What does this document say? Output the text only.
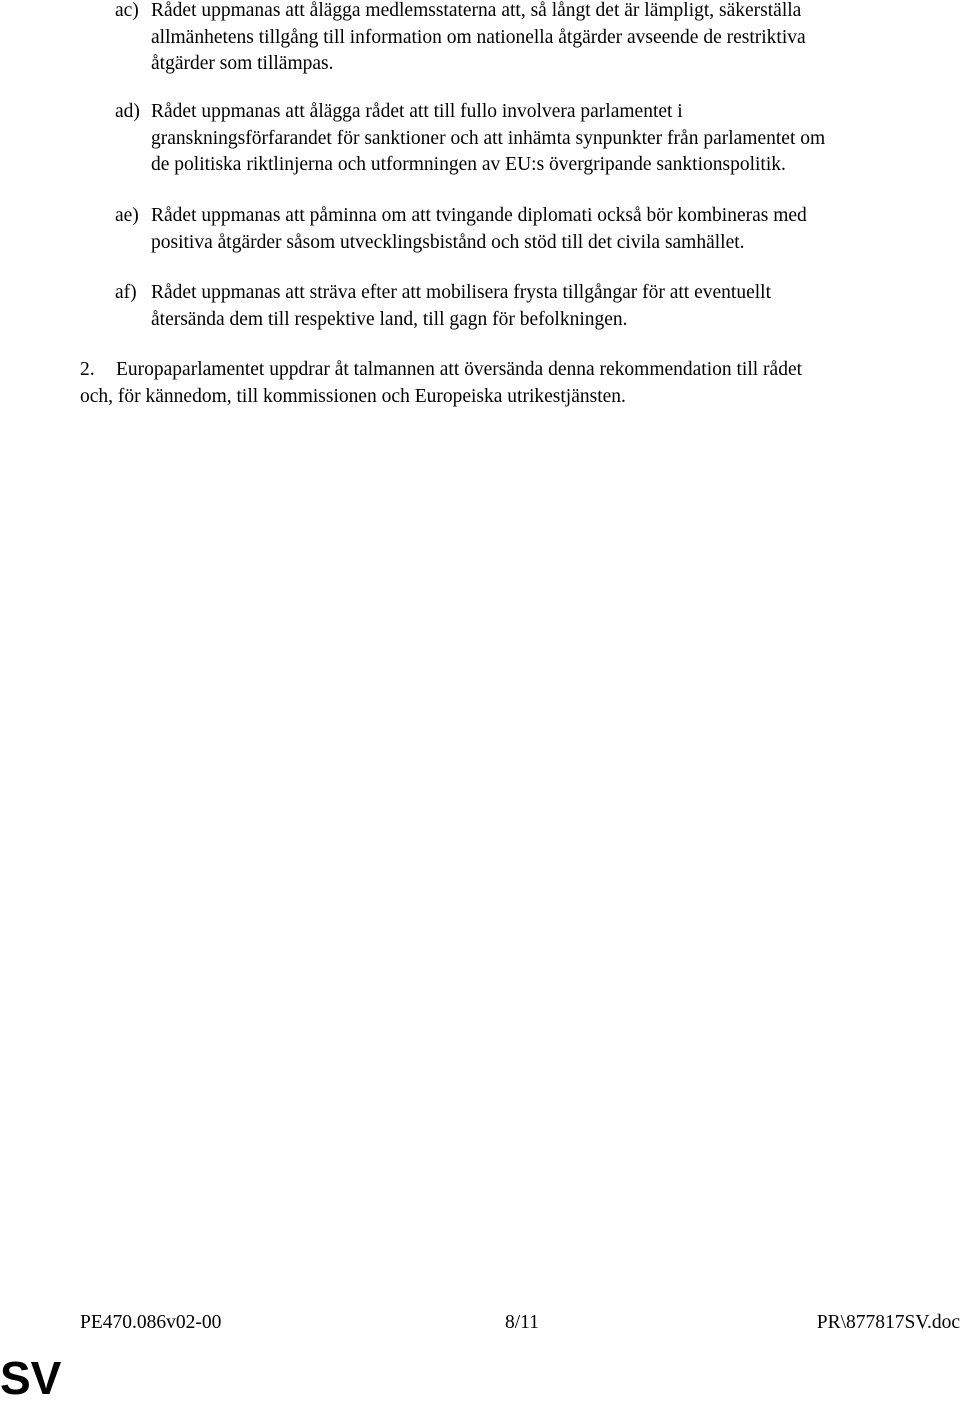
ac) Rådet uppmanas att ålägga medlemsstaterna att, så långt det är lämpligt, säkerställa
allmänhetens tillgång till information om nationella åtgärder avseende de restriktiva
åtgärder som tillämpas.
ad) Rådet uppmanas att ålägga rådet att till fullo involvera parlamentet i
granskningsförfarandet för sanktioner och att inhämta synpunkter från parlamentet om
de politiska riktlinjerna och utformningen av EU:s övergripande sanktionspolitik.
ae) Rådet uppmanas att påminna om att tvingande diplomati också bör kombineras med
positiva åtgärder såsom utvecklingsbistånd och stöd till det civila samhället.
af) Rådet uppmanas att sträva efter att mobilisera frysta tillgångar för att eventuellt
återsända dem till respektive land, till gagn för befolkningen.
2. Europaparlamentet uppdrar åt talmannen att översända denna rekommendation till rådet
och, för kännedom, till kommissionen och Europeiska utrikestjänsten.
PE470.086v02-00	8/11	PR\877817SV.doc
SV
